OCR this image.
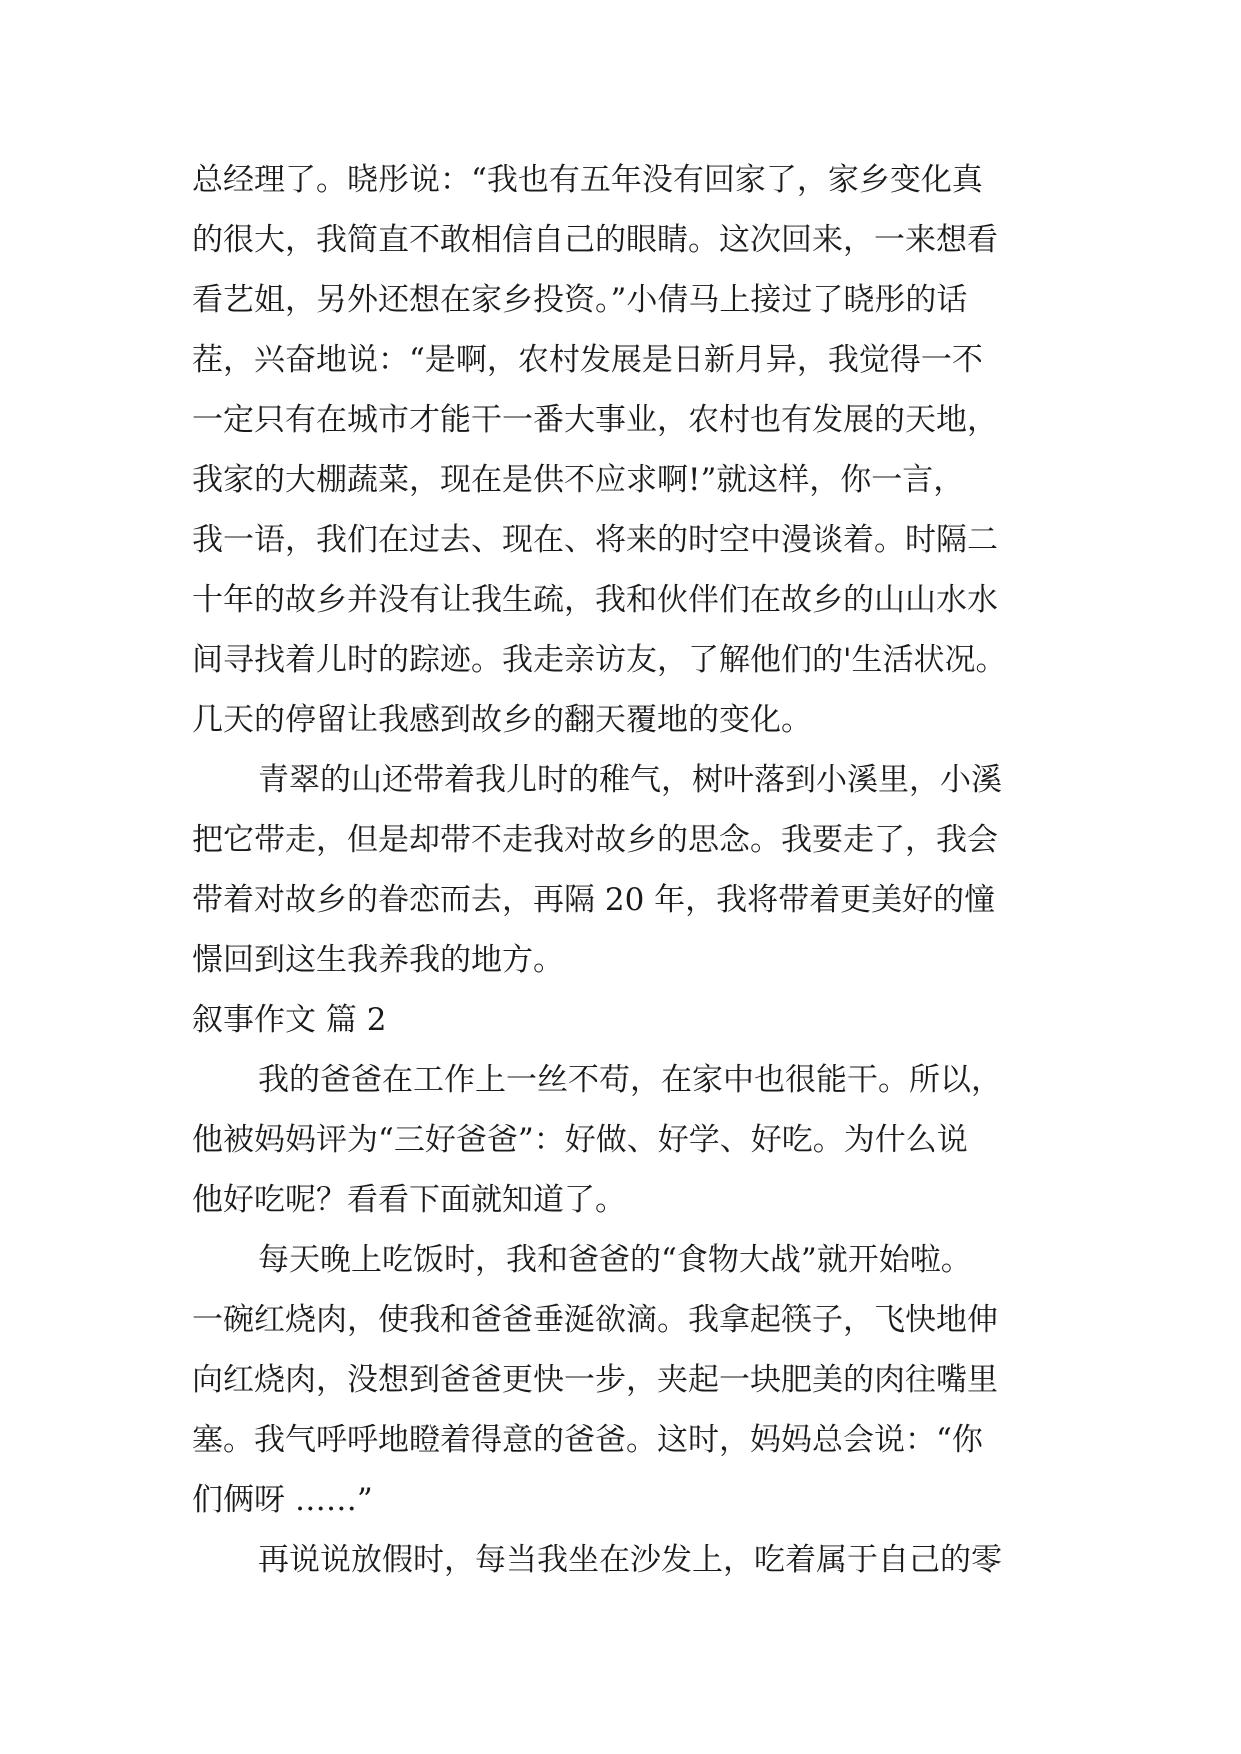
总经理了。晓彤说：“我也有五年没有回家了，家乡变化真
的很大，我简直不敢相信自己的眼睛。这次回来，一来想看
看艺姐，另外还想在家乡投资。”小倩马上接过了晓彤的话
茬，兴奋地说：“是啊，农村发展是日新月异，我觉得一不
一定只有在城市才能干一番大事业，农村也有发展的天地，
我家的大棚蔬菜，现在是供不应求啊!”就这样，你一言，
我一语，我们在过去、现在、将来的时空中漫谈着。时隔二
十年的故乡并没有让我生疏，我和伙伴们在故乡的山山水水
间寻找着儿时的踪迹。我走亲访友，了解他们的'生活状况。
几天的停留让我感到故乡的翻天覆地的变化。
青翠的山还带着我儿时的稚气，树叶落到小溪里，小溪
把它带走，但是却带不走我对故乡的思念。我要走了，我会
带着对故乡的眷恋而去，再隔 20 年，我将带着更美好的憧
憬回到这生我养我的地方。
叙事作文 篇 2
我的爸爸在工作上一丝不苟，在家中也很能干。所以，
他被妈妈评为“三好爸爸”：好做、好学、好吃。为什么说
他好吃呢？看看下面就知道了。
每天晚上吃饭时，我和爸爸的“食物大战”就开始啦。
一碗红烧肉，使我和爸爸垂涎欲滴。我拿起筷子，飞快地伸
向红烧肉，没想到爸爸更快一步，夹起一块肥美的肉往嘴里
塞。我气呼呼地瞪着得意的爸爸。这时，妈妈总会说：“你
们俩呀 ……”
再说说放假时，每当我坐在沙发上，吃着属于自己的零
